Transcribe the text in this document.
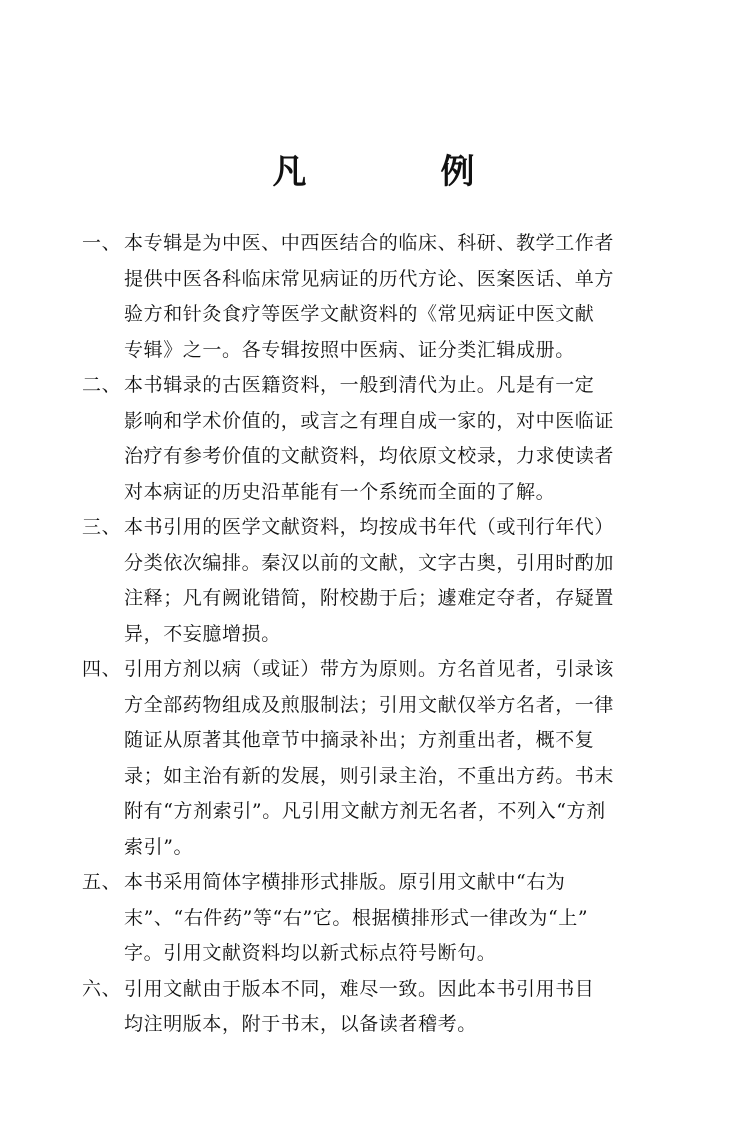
凡　例
一、 本专辑是为中医、中西医结合的临床、科研、教学工作者
提供中医各科临床常见病证的历代方论、医案医话、单方
验方和针灸食疗等医学文献资料的《常见病证中医文献
专辑》之一。各专辑按照中医病、证分类汇辑成册。
二、 本书辑录的古医籍资料，一般到清代为止。凡是有一定
影响和学术价值的，或言之有理自成一家的，对中医临证
治疗有参考价值的文献资料，均依原文校录，力求使读者
对本病证的历史沿革能有一个系统而全面的了解。
三、 本书引用的医学文献资料，均按成书年代（或刊行年代）
分类依次编排。秦汉以前的文献，文字古奥，引用时酌加
注释；凡有阙讹错简，附校勘于后；遽难定夺者，存疑置
异，不妄臆增损。
四、 引用方剂以病（或证）带方为原则。方名首见者，引录该
方全部药物组成及煎服制法；引用文献仅举方名者，一律
随证从原著其他章节中摘录补出；方剂重出者，概不复
录；如主治有新的发展，则引录主治，不重出方药。书末
附有“方剂索引”。凡引用文献方剂无名者，不列入“方剂
索引”。
五、 本书采用简体字横排形式排版。原引用文献中“右为
末”、“右件药”等“右”它。根据横排形式一律改为“上”
字。引用文献资料均以新式标点符号断句。
六、 引用文献由于版本不同，难尽一致。因此本书引用书目
均注明版本，附于书末，以备读者稽考。
